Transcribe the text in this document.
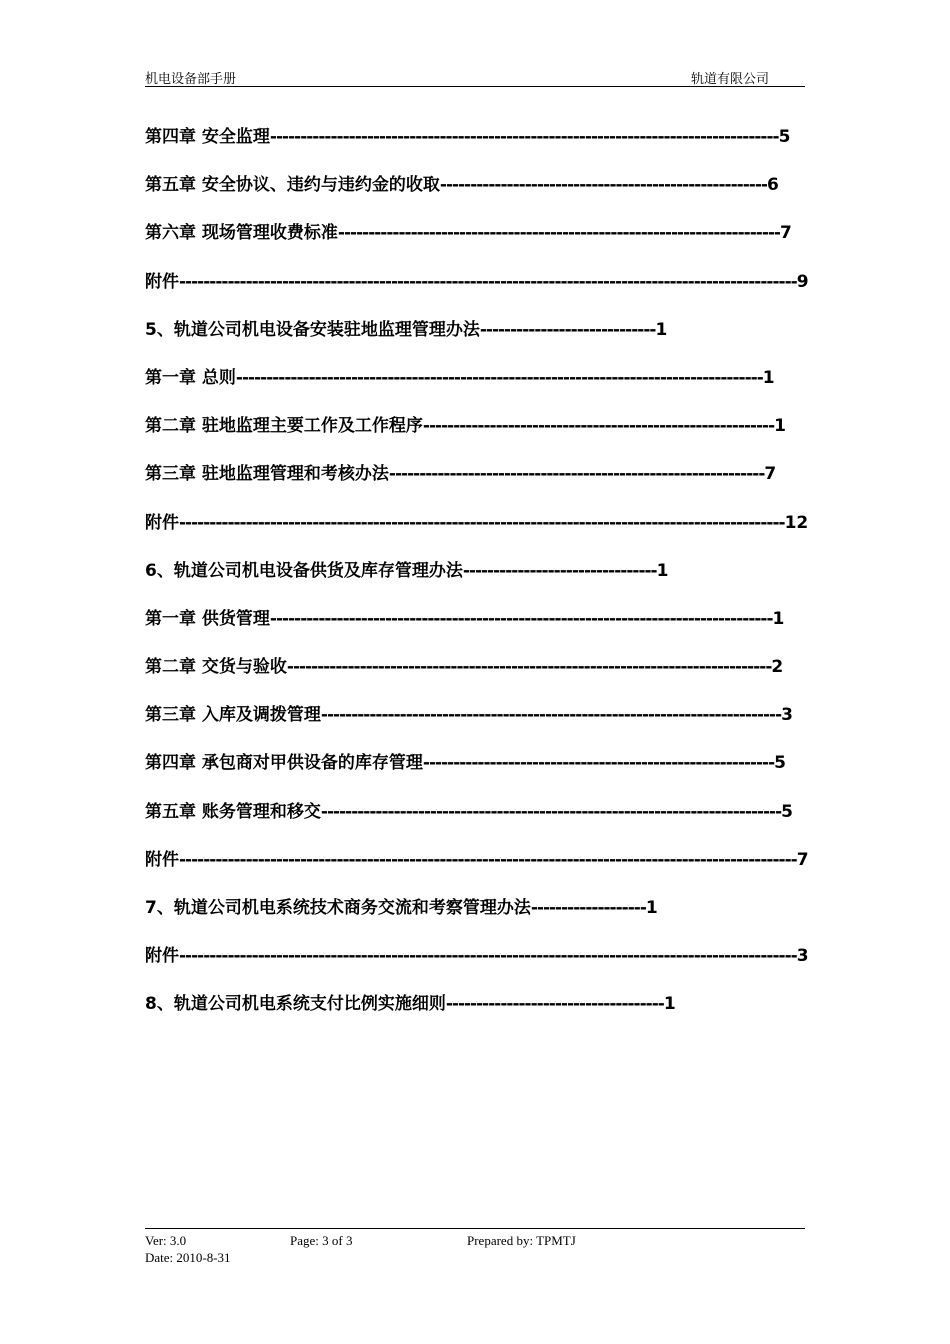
机电设备部手册	轨道有限公司
第四章 安全监理------------------------------------------------------------------------------------5
第五章 安全协议、违约与违约金的收取------------------------------------------------------6
第六章 现场管理收费标准-------------------------------------------------------------------------7
附件------------------------------------------------------------------------------------------------------9
5、轨道公司机电设备安装驻地监理管理办法-----------------------------1
第一章 总则---------------------------------------------------------------------------------------1
第二章 驻地监理主要工作及工作程序----------------------------------------------------------1
第三章 驻地监理管理和考核办法--------------------------------------------------------------7
附件----------------------------------------------------------------------------------------------------12
6、轨道公司机电设备供货及库存管理办法--------------------------------1
第一章 供货管理-----------------------------------------------------------------------------------1
第二章 交货与验收--------------------------------------------------------------------------------2
第三章 入库及调拨管理----------------------------------------------------------------------------3
第四章 承包商对甲供设备的库存管理----------------------------------------------------------5
第五章 账务管理和移交----------------------------------------------------------------------------5
附件------------------------------------------------------------------------------------------------------7
7、轨道公司机电系统技术商务交流和考察管理办法-------------------1
附件------------------------------------------------------------------------------------------------------3
8、轨道公司机电系统支付比例实施细则------------------------------------1
Ver: 3.0	Page: 3 of 3	Prepared by: TPMTJ
Date: 2010-8-31
